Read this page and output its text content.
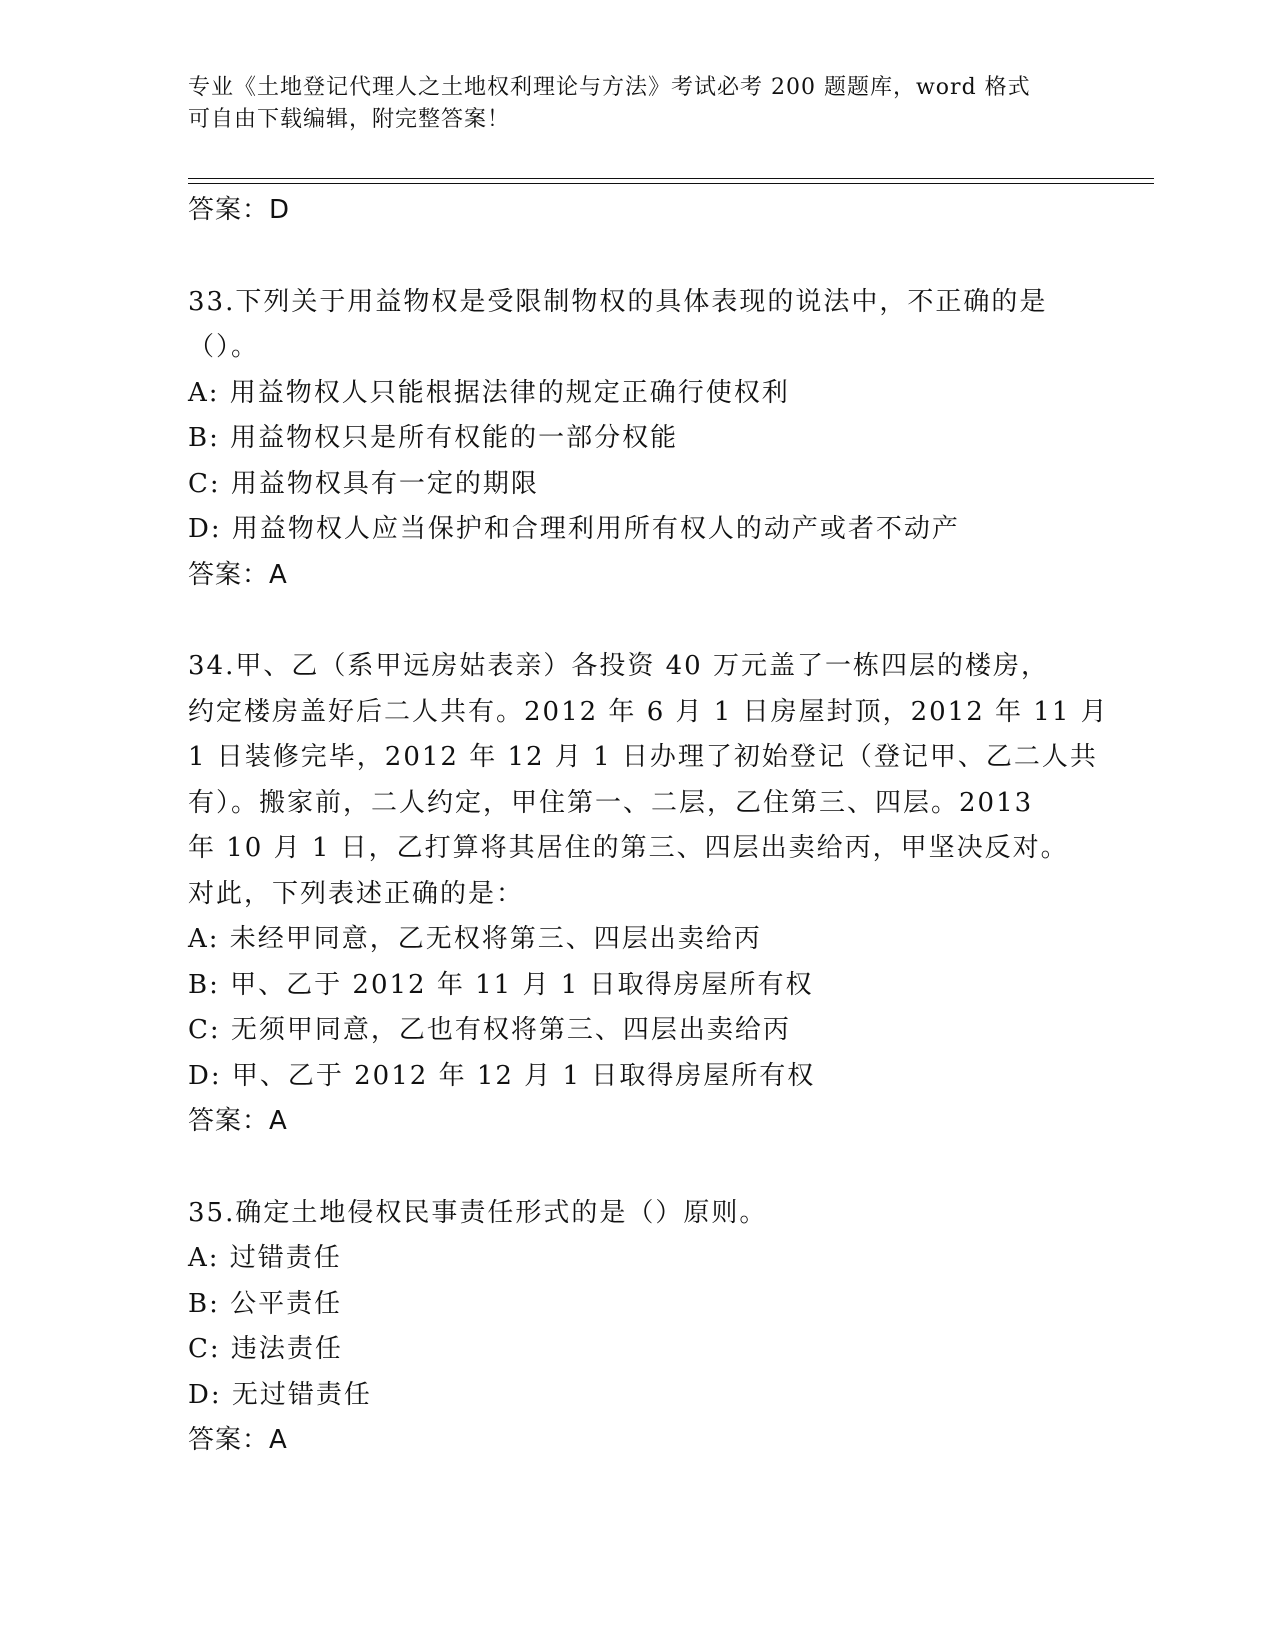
专业《土地登记代理人之土地权利理论与方法》考试必考 200 题题库，word 格式
可自由下载编辑，附完整答案！
答案：D
33.下列关于用益物权是受限制物权的具体表现的说法中，不正确的是
（）。
A: 用益物权人只能根据法律的规定正确行使权利
B: 用益物权只是所有权能的一部分权能
C: 用益物权具有一定的期限
D: 用益物权人应当保护和合理利用所有权人的动产或者不动产
答案：A
34.甲、乙（系甲远房姑表亲）各投资 40 万元盖了一栋四层的楼房，
约定楼房盖好后二人共有。2012 年 6 月 1 日房屋封顶，2012 年 11 月
1 日装修完毕，2012 年 12 月 1 日办理了初始登记（登记甲、乙二人共
有）。搬家前，二人约定，甲住第一、二层，乙住第三、四层。2013
年 10 月 1 日，乙打算将其居住的第三、四层出卖给丙，甲坚决反对。
对此，下列表述正确的是：
A: 未经甲同意，乙无权将第三、四层出卖给丙
B: 甲、乙于 2012 年 11 月 1 日取得房屋所有权
C: 无须甲同意，乙也有权将第三、四层出卖给丙
D: 甲、乙于 2012 年 12 月 1 日取得房屋所有权
答案：A
35.确定土地侵权民事责任形式的是（）原则。
A: 过错责任
B: 公平责任
C: 违法责任
D: 无过错责任
答案：A
